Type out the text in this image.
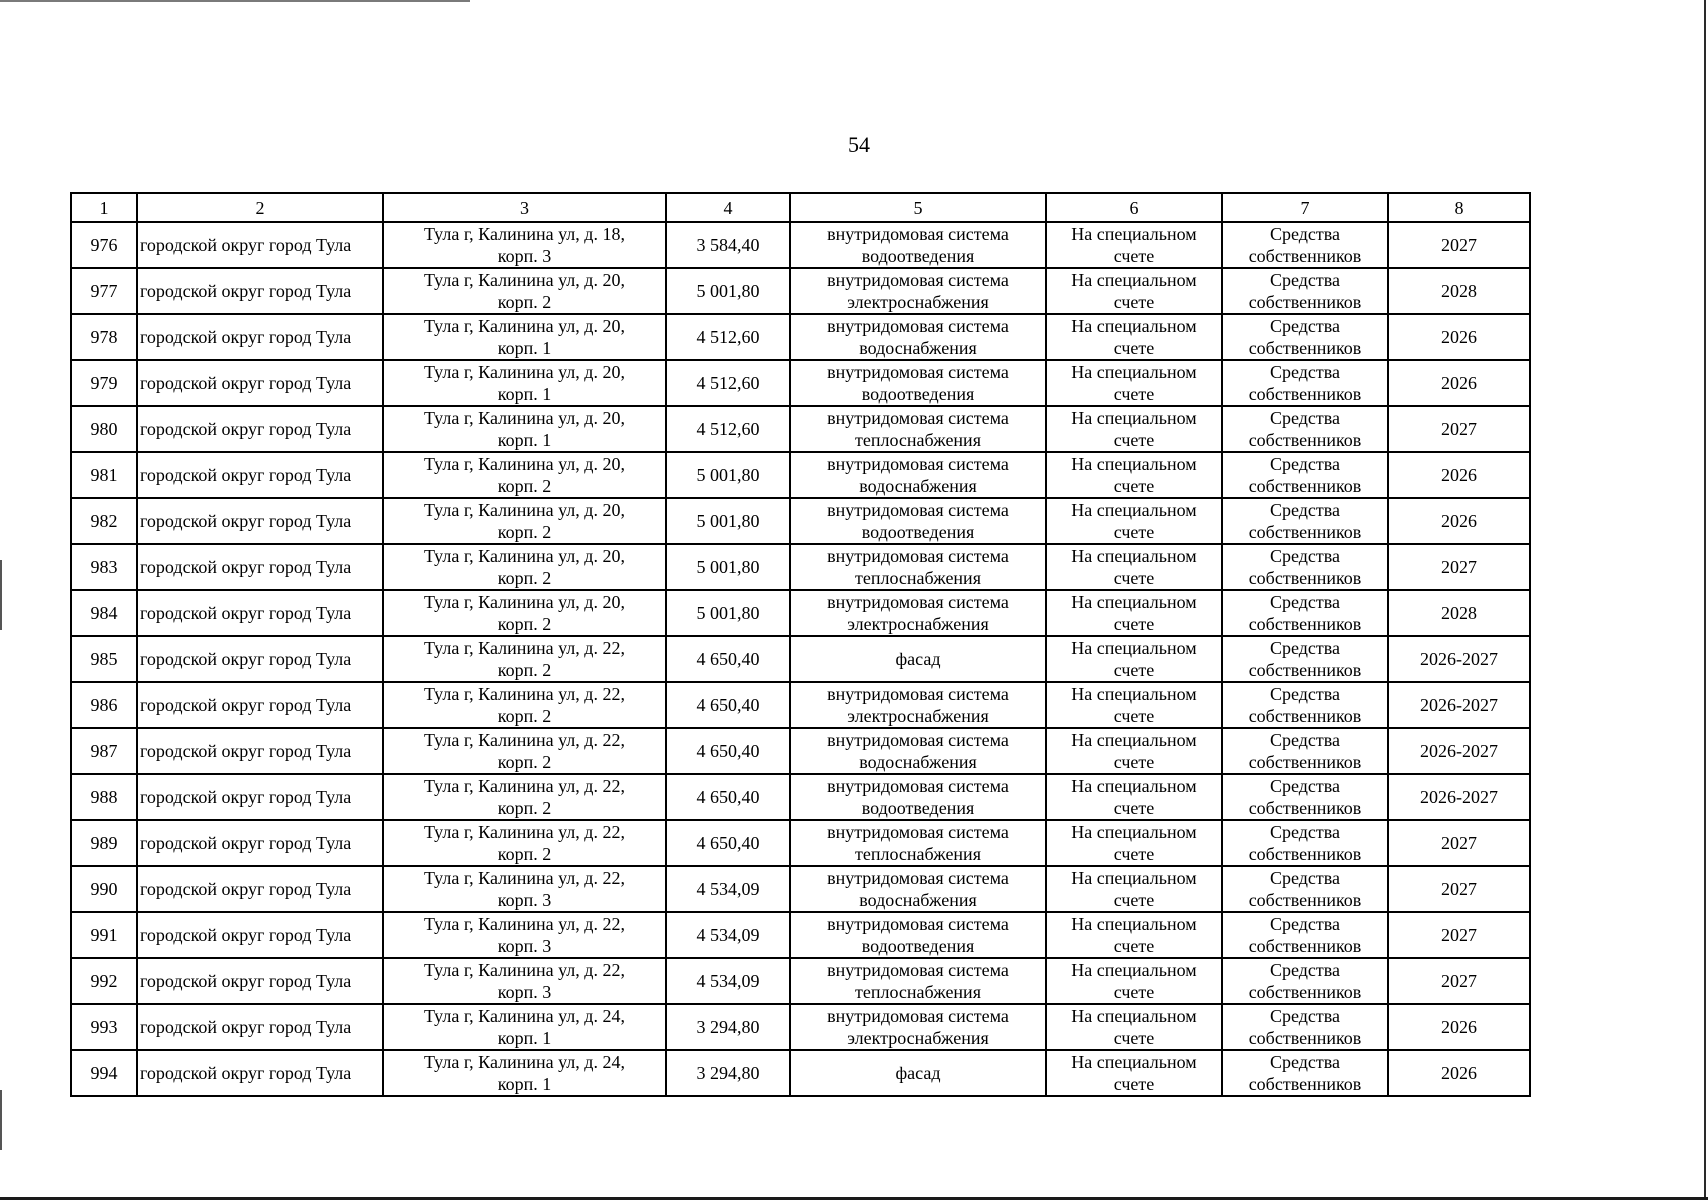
54
1	2	3	4	5	6	7	8

976	городской округ город Тула	Тула г, Калинина ул, д. 18,
корп. 3	3 584,40	внутридомовая система
водоотведения	На специальном
счете	Средства
собственников	2027

977	городской округ город Тула	Тула г, Калинина ул, д. 20,
корп. 2	5 001,80	внутридомовая система
электроснабжения	На специальном
счете	Средства
собственников	2028

978	городской округ город Тула	Тула г, Калинина ул, д. 20,
корп. 1	4 512,60	внутридомовая система
водоснабжения	На специальном
счете	Средства
собственников	2026

979	городской округ город Тула	Тула г, Калинина ул, д. 20,
корп. 1	4 512,60	внутридомовая система
водоотведения	На специальном
счете	Средства
собственников	2026

980	городской округ город Тула	Тула г, Калинина ул, д. 20,
корп. 1	4 512,60	внутридомовая система
теплоснабжения	На специальном
счете	Средства
собственников	2027

981	городской округ город Тула	Тула г, Калинина ул, д. 20,
корп. 2	5 001,80	внутридомовая система
водоснабжения	На специальном
счете	Средства
собственников	2026

982	городской округ город Тула	Тула г, Калинина ул, д. 20,
корп. 2	5 001,80	внутридомовая система
водоотведения	На специальном
счете	Средства
собственников	2026

983	городской округ город Тула	Тула г, Калинина ул, д. 20,
корп. 2	5 001,80	внутридомовая система
теплоснабжения	На специальном
счете	Средства
собственников	2027

984	городской округ город Тула	Тула г, Калинина ул, д. 20,
корп. 2	5 001,80	внутридомовая система
электроснабжения	На специальном
счете	Средства
собственников	2028

985	городской округ город Тула	Тула г, Калинина ул, д. 22,
корп. 2	4 650,40	фасад	На специальном
счете	Средства
собственников	2026-2027

986	городской округ город Тула	Тула г, Калинина ул, д. 22,
корп. 2	4 650,40	внутридомовая система
электроснабжения	На специальном
счете	Средства
собственников	2026-2027

987	городской округ город Тула	Тула г, Калинина ул, д. 22,
корп. 2	4 650,40	внутридомовая система
водоснабжения	На специальном
счете	Средства
собственников	2026-2027

988	городской округ город Тула	Тула г, Калинина ул, д. 22,
корп. 2	4 650,40	внутридомовая система
водоотведения	На специальном
счете	Средства
собственников	2026-2027

989	городской округ город Тула	Тула г, Калинина ул, д. 22,
корп. 2	4 650,40	внутридомовая система
теплоснабжения	На специальном
счете	Средства
собственников	2027

990	городской округ город Тула	Тула г, Калинина ул, д. 22,
корп. 3	4 534,09	внутридомовая система
водоснабжения	На специальном
счете	Средства
собственников	2027

991	городской округ город Тула	Тула г, Калинина ул, д. 22,
корп. 3	4 534,09	внутридомовая система
водоотведения	На специальном
счете	Средства
собственников	2027

992	городской округ город Тула	Тула г, Калинина ул, д. 22,
корп. 3	4 534,09	внутридомовая система
теплоснабжения	На специальном
счете	Средства
собственников	2027

993	городской округ город Тула	Тула г, Калинина ул, д. 24,
корп. 1	3 294,80	внутридомовая система
электроснабжения	На специальном
счете	Средства
собственников	2026

994	городской округ город Тула	Тула г, Калинина ул, д. 24,
корп. 1	3 294,80	фасад	На специальном
счете	Средства
собственников	2026
